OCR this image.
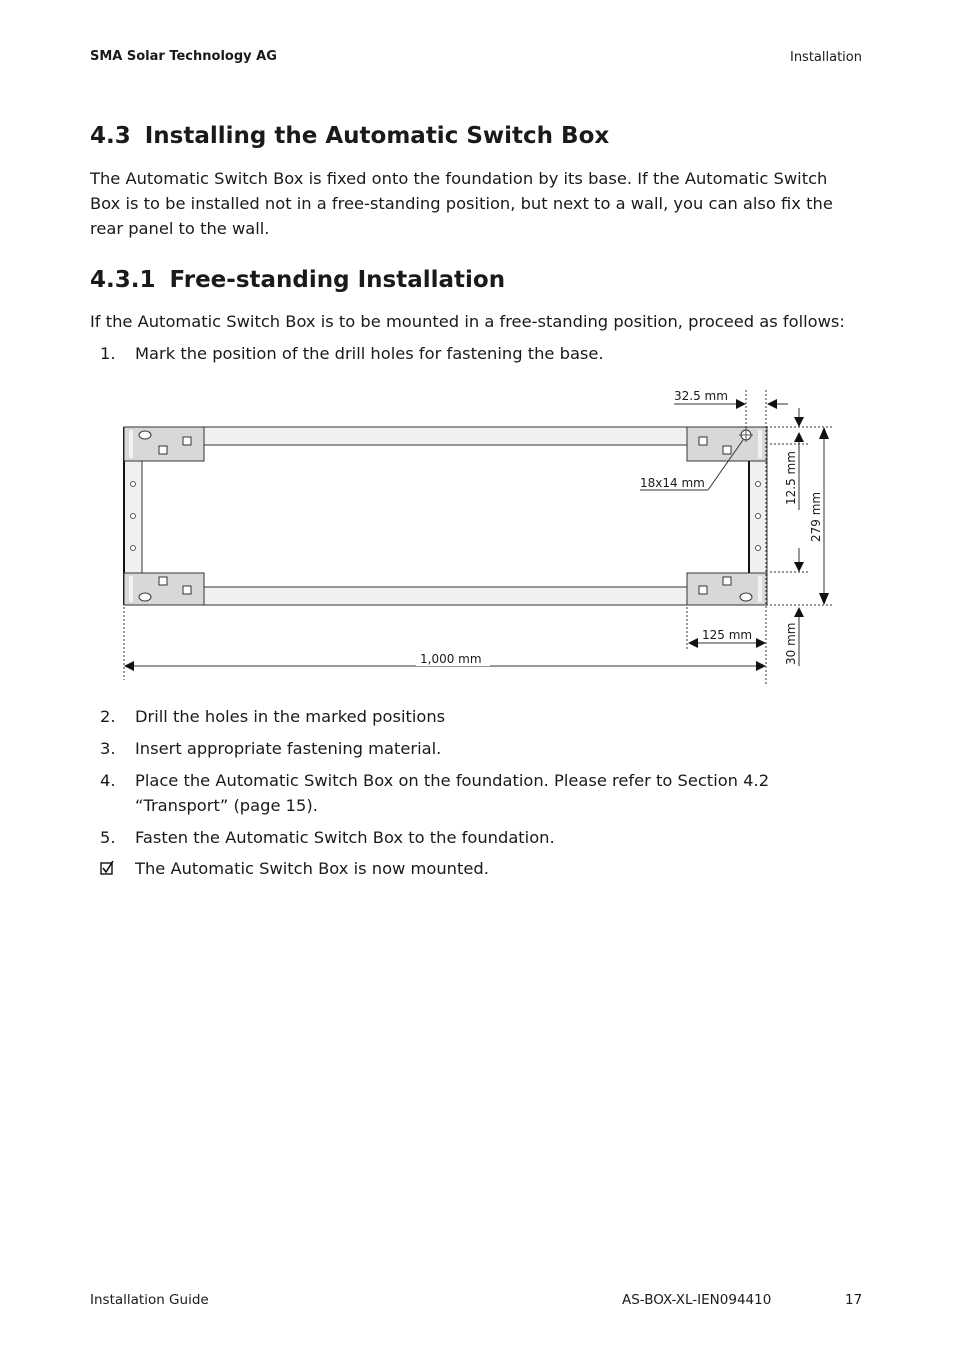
SMA Solar Technology AG	Installation
4.3 Installing the Automatic Switch Box

The Automatic Switch Box is fixed onto the foundation by its base. If the Automatic Switch Box is to be installed not in a free-standing position, but next to a wall, you can also fix the rear panel to the wall.

4.3.1 Free-standing Installation

If the Automatic Switch Box is to be mounted in a free-standing position, proceed as follows:

1. Mark the position of the drill holes for fastening the base.
32.5 mm
18x14 mm	12.5 mm
279 mm
30 mm
125 mm
1,000 mm
2. Drill the holes in the marked positions
3. Insert appropriate fastening material.
4. Place the Automatic Switch Box on the foundation. Please refer to Section 4.2 “Transport” (page 15).
5. Fasten the Automatic Switch Box to the foundation.
The Automatic Switch Box is now mounted.
Installation Guide	AS-BOX-XL-IEN094410	17
